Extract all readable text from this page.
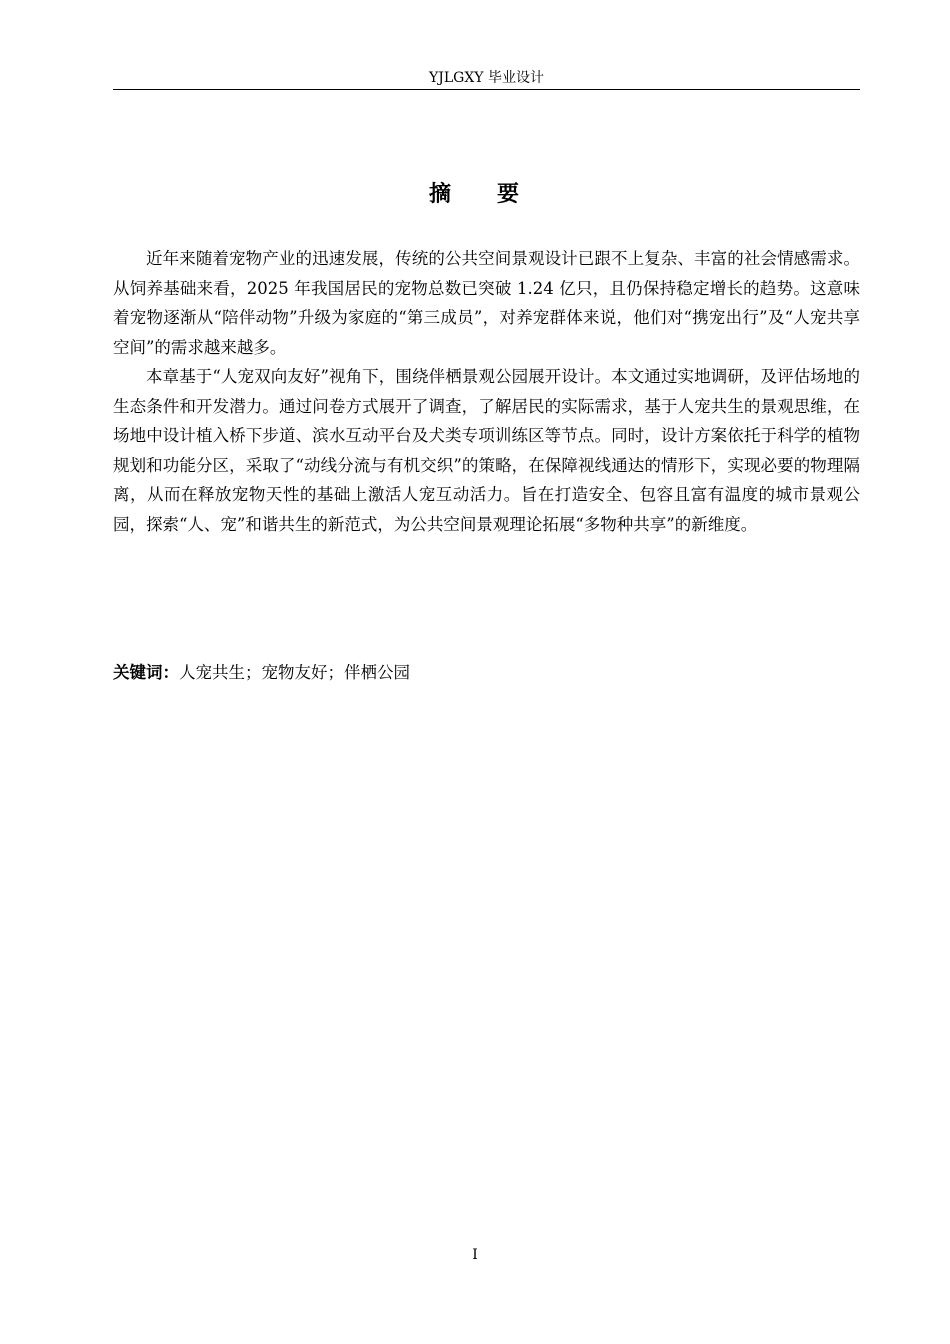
YJLGXY 毕业设计
摘 要

近年来随着宠物产业的迅速发展，传统的公共空间景观设计已跟不上复杂、丰富的社会情感需求。从饲养基础来看，2025 年我国居民的宠物总数已突破 1.24 亿只，且仍保持稳定增长的趋势。这意味着宠物逐渐从“陪伴动物”升级为家庭的“第三成员”，对养宠群体来说，他们对“携宠出行”及“人宠共享空间”的需求越来越多。

本章基于“人宠双向友好”视角下，围绕伴栖景观公园展开设计。本文通过实地调研，及评估场地的生态条件和开发潜力。通过问卷方式展开了调查，了解居民的实际需求，基于人宠共生的景观思维，在场地中设计植入桥下步道、滨水互动平台及犬类专项训练区等节点。同时，设计方案依托于科学的植物规划和功能分区，采取了“动线分流与有机交织”的策略，在保障视线通达的情形下，实现必要的物理隔离，从而在释放宠物天性的基础上激活人宠互动活力。旨在打造安全、包容且富有温度的城市景观公园，探索“人、宠”和谐共生的新范式，为公共空间景观理论拓展“多物种共享”的新维度。

关键词：人宠共生；宠物友好；伴栖公园
I
